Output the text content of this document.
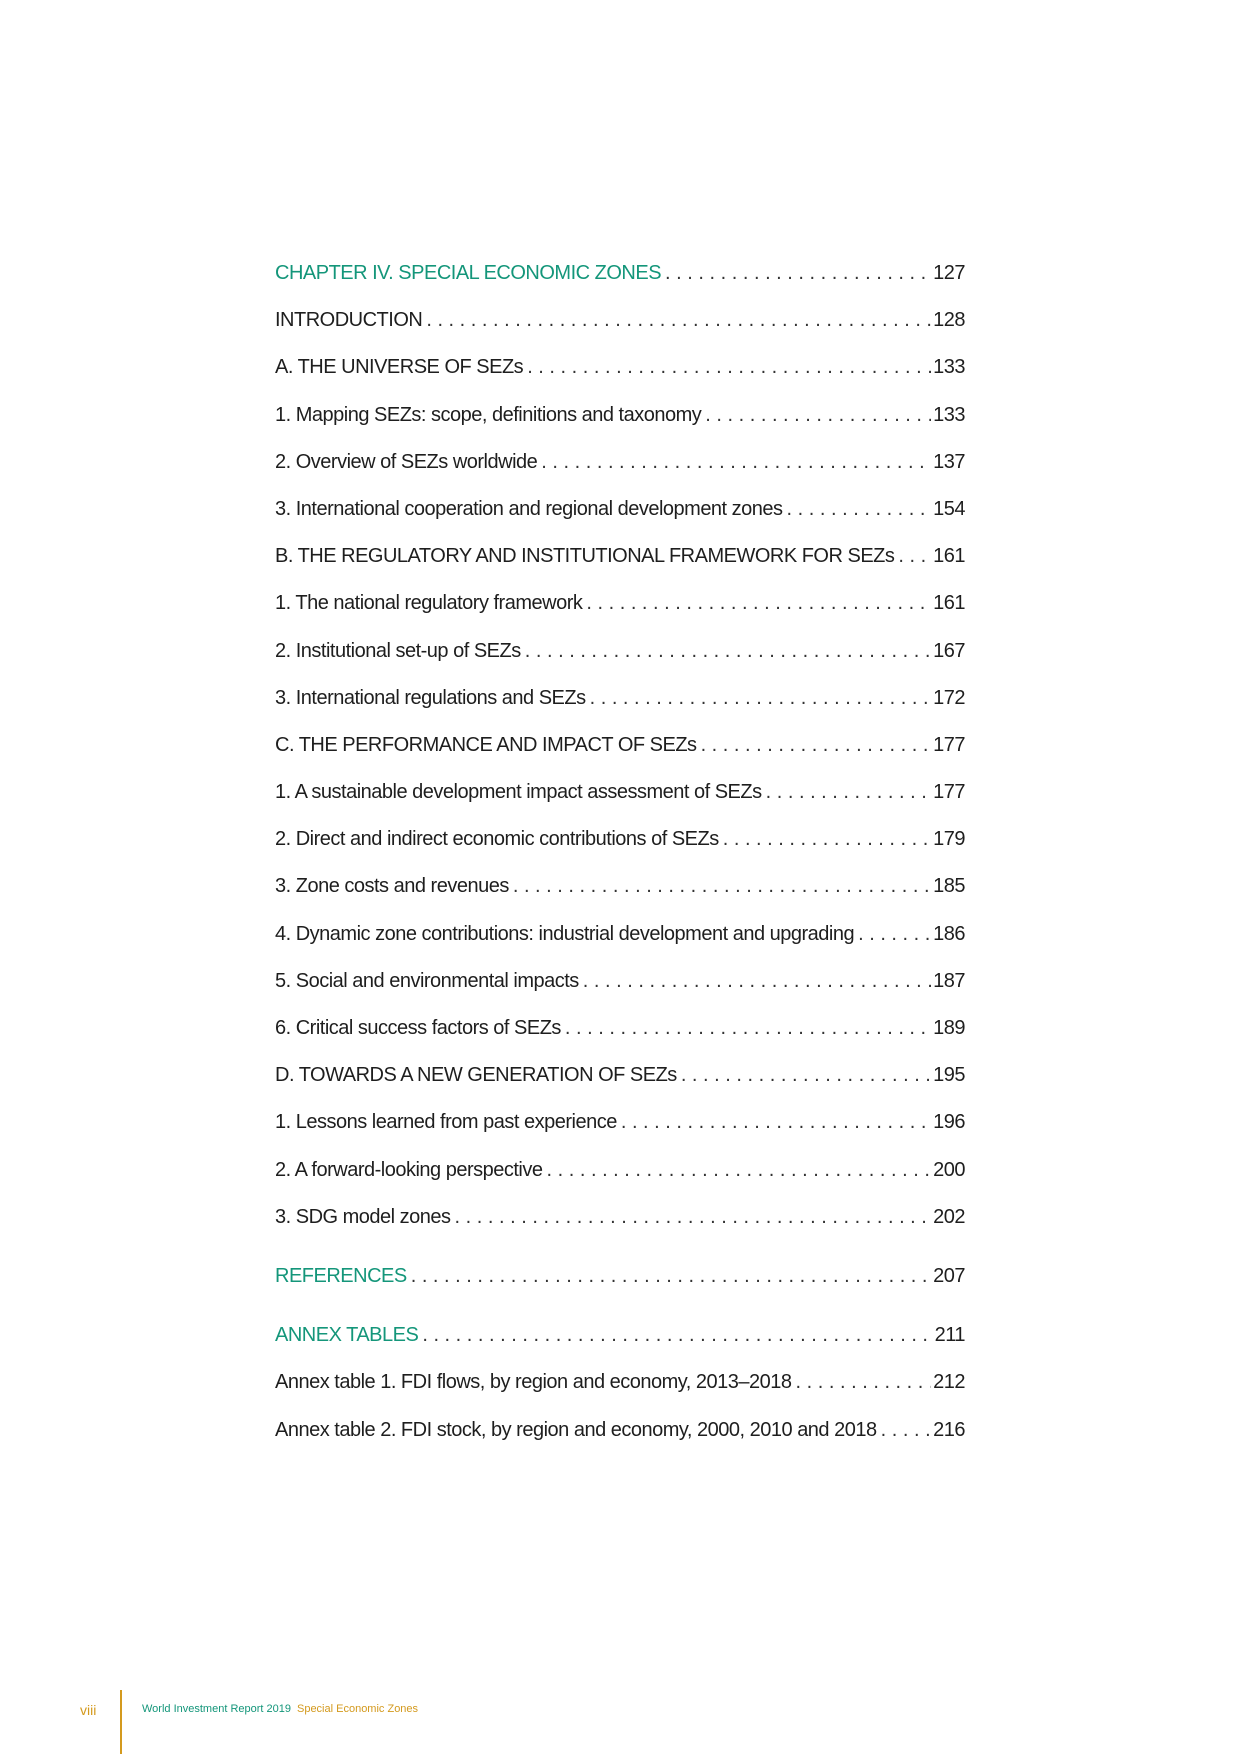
CHAPTER IV. SPECIAL ECONOMIC ZONES . . .	127
INTRODUCTION . . .	128
A. THE UNIVERSE OF SEZs . . .	133
1. Mapping SEZs: scope, definitions and taxonomy . . .	133
2. Overview of SEZs worldwide . . .	137
3. International cooperation and regional development zones . . .	154
B. THE REGULATORY AND INSTITUTIONAL FRAMEWORK FOR SEZs . . . 161
1. The national regulatory framework . . .	161
2. Institutional set-up of SEZs . . .	167
3. International regulations and SEZs . . .	172
C. THE PERFORMANCE AND IMPACT OF SEZs . . .	177
1. A sustainable development impact assessment of SEZs . . .	177
2. Direct and indirect economic contributions of SEZs . . .	179
3. Zone costs and revenues . . .	185
4. Dynamic zone contributions: industrial development and upgrading . . .	186
5. Social and environmental impacts . . .	187
6. Critical success factors of SEZs . . .	189
D. TOWARDS A NEW GENERATION OF SEZs . . .	195
1. Lessons learned from past experience . . .	196
2. A forward-looking perspective . . .	200
3. SDG model zones . . .	202
REFERENCES . . .	207
ANNEX TABLES . . .	211
Annex table 1. FDI flows, by region and economy, 2013–2018 . . .	212
Annex table 2. FDI stock, by region and economy, 2000, 2010 and 2018 . . .	216
viii	World Investment Report 2019 Special Economic Zones
